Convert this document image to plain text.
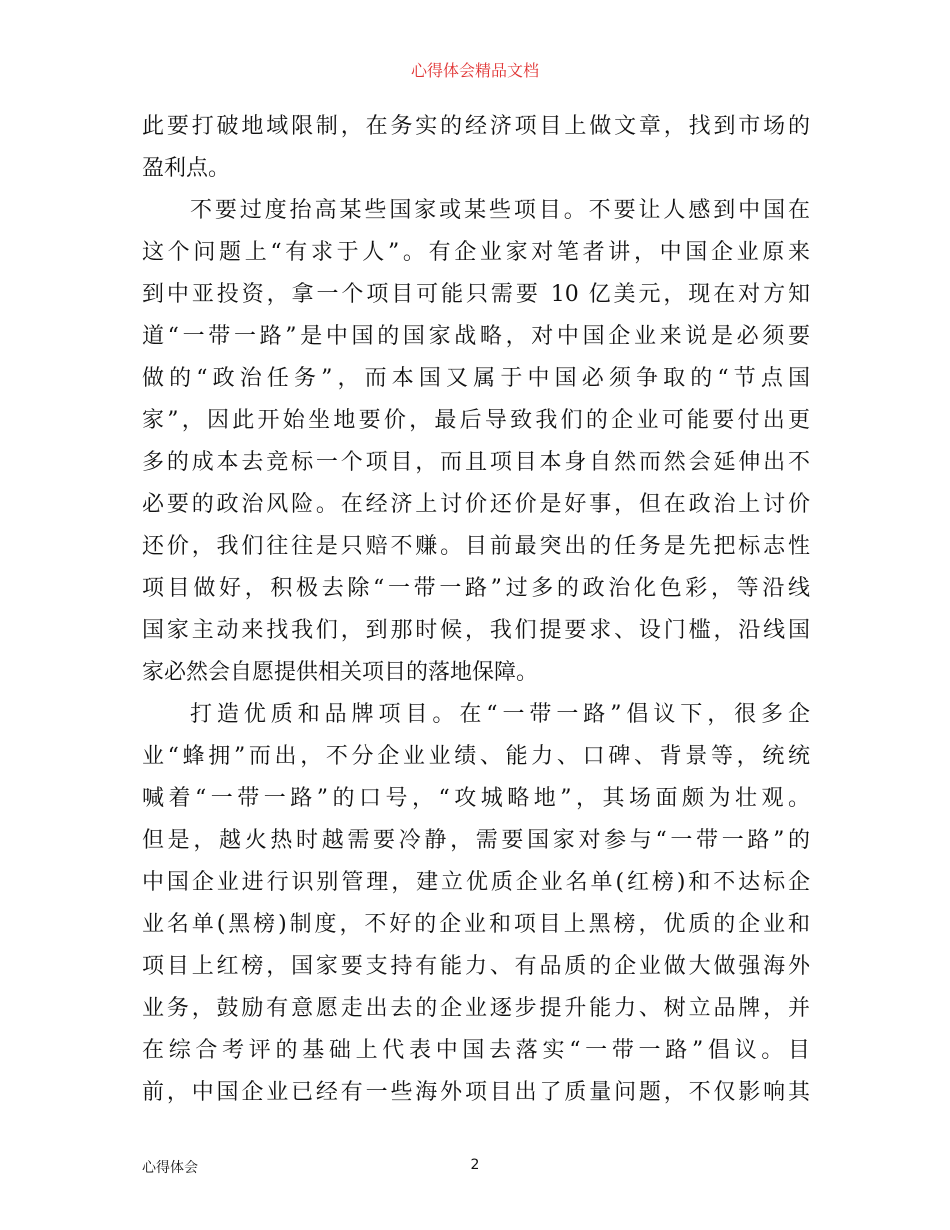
心得体会精品文档
此要打破地域限制，在务实的经济项目上做文章，找到市场的
盈利点。
不要过度抬高某些国家或某些项目。不要让人感到中国在
这个问题上“有求于人”。有企业家对笔者讲，中国企业原来
到中亚投资，拿一个项目可能只需要 10 亿美元，现在对方知
道“一带一路”是中国的国家战略，对中国企业来说是必须要
做的“政治任务”，而本国又属于中国必须争取的“节点国
家”，因此开始坐地要价，最后导致我们的企业可能要付出更
多的成本去竞标一个项目，而且项目本身自然而然会延伸出不
必要的政治风险。在经济上讨价还价是好事，但在政治上讨价
还价，我们往往是只赔不赚。目前最突出的任务是先把标志性
项目做好，积极去除“一带一路”过多的政治化色彩，等沿线
国家主动来找我们，到那时候，我们提要求、设门槛，沿线国
家必然会自愿提供相关项目的落地保障。
打造优质和品牌项目。在“一带一路”倡议下，很多企
业“蜂拥”而出，不分企业业绩、能力、口碑、背景等，统统
喊着“一带一路”的口号，“攻城略地”，其场面颇为壮观。
但是，越火热时越需要冷静，需要国家对参与“一带一路”的
中国企业进行识别管理，建立优质企业名单(红榜)和不达标企
业名单(黑榜)制度，不好的企业和项目上黑榜，优质的企业和
项目上红榜，国家要支持有能力、有品质的企业做大做强海外
业务，鼓励有意愿走出去的企业逐步提升能力、树立品牌，并
在综合考评的基础上代表中国去落实“一带一路”倡议。目
前，中国企业已经有一些海外项目出了质量问题，不仅影响其
心得体会	2
